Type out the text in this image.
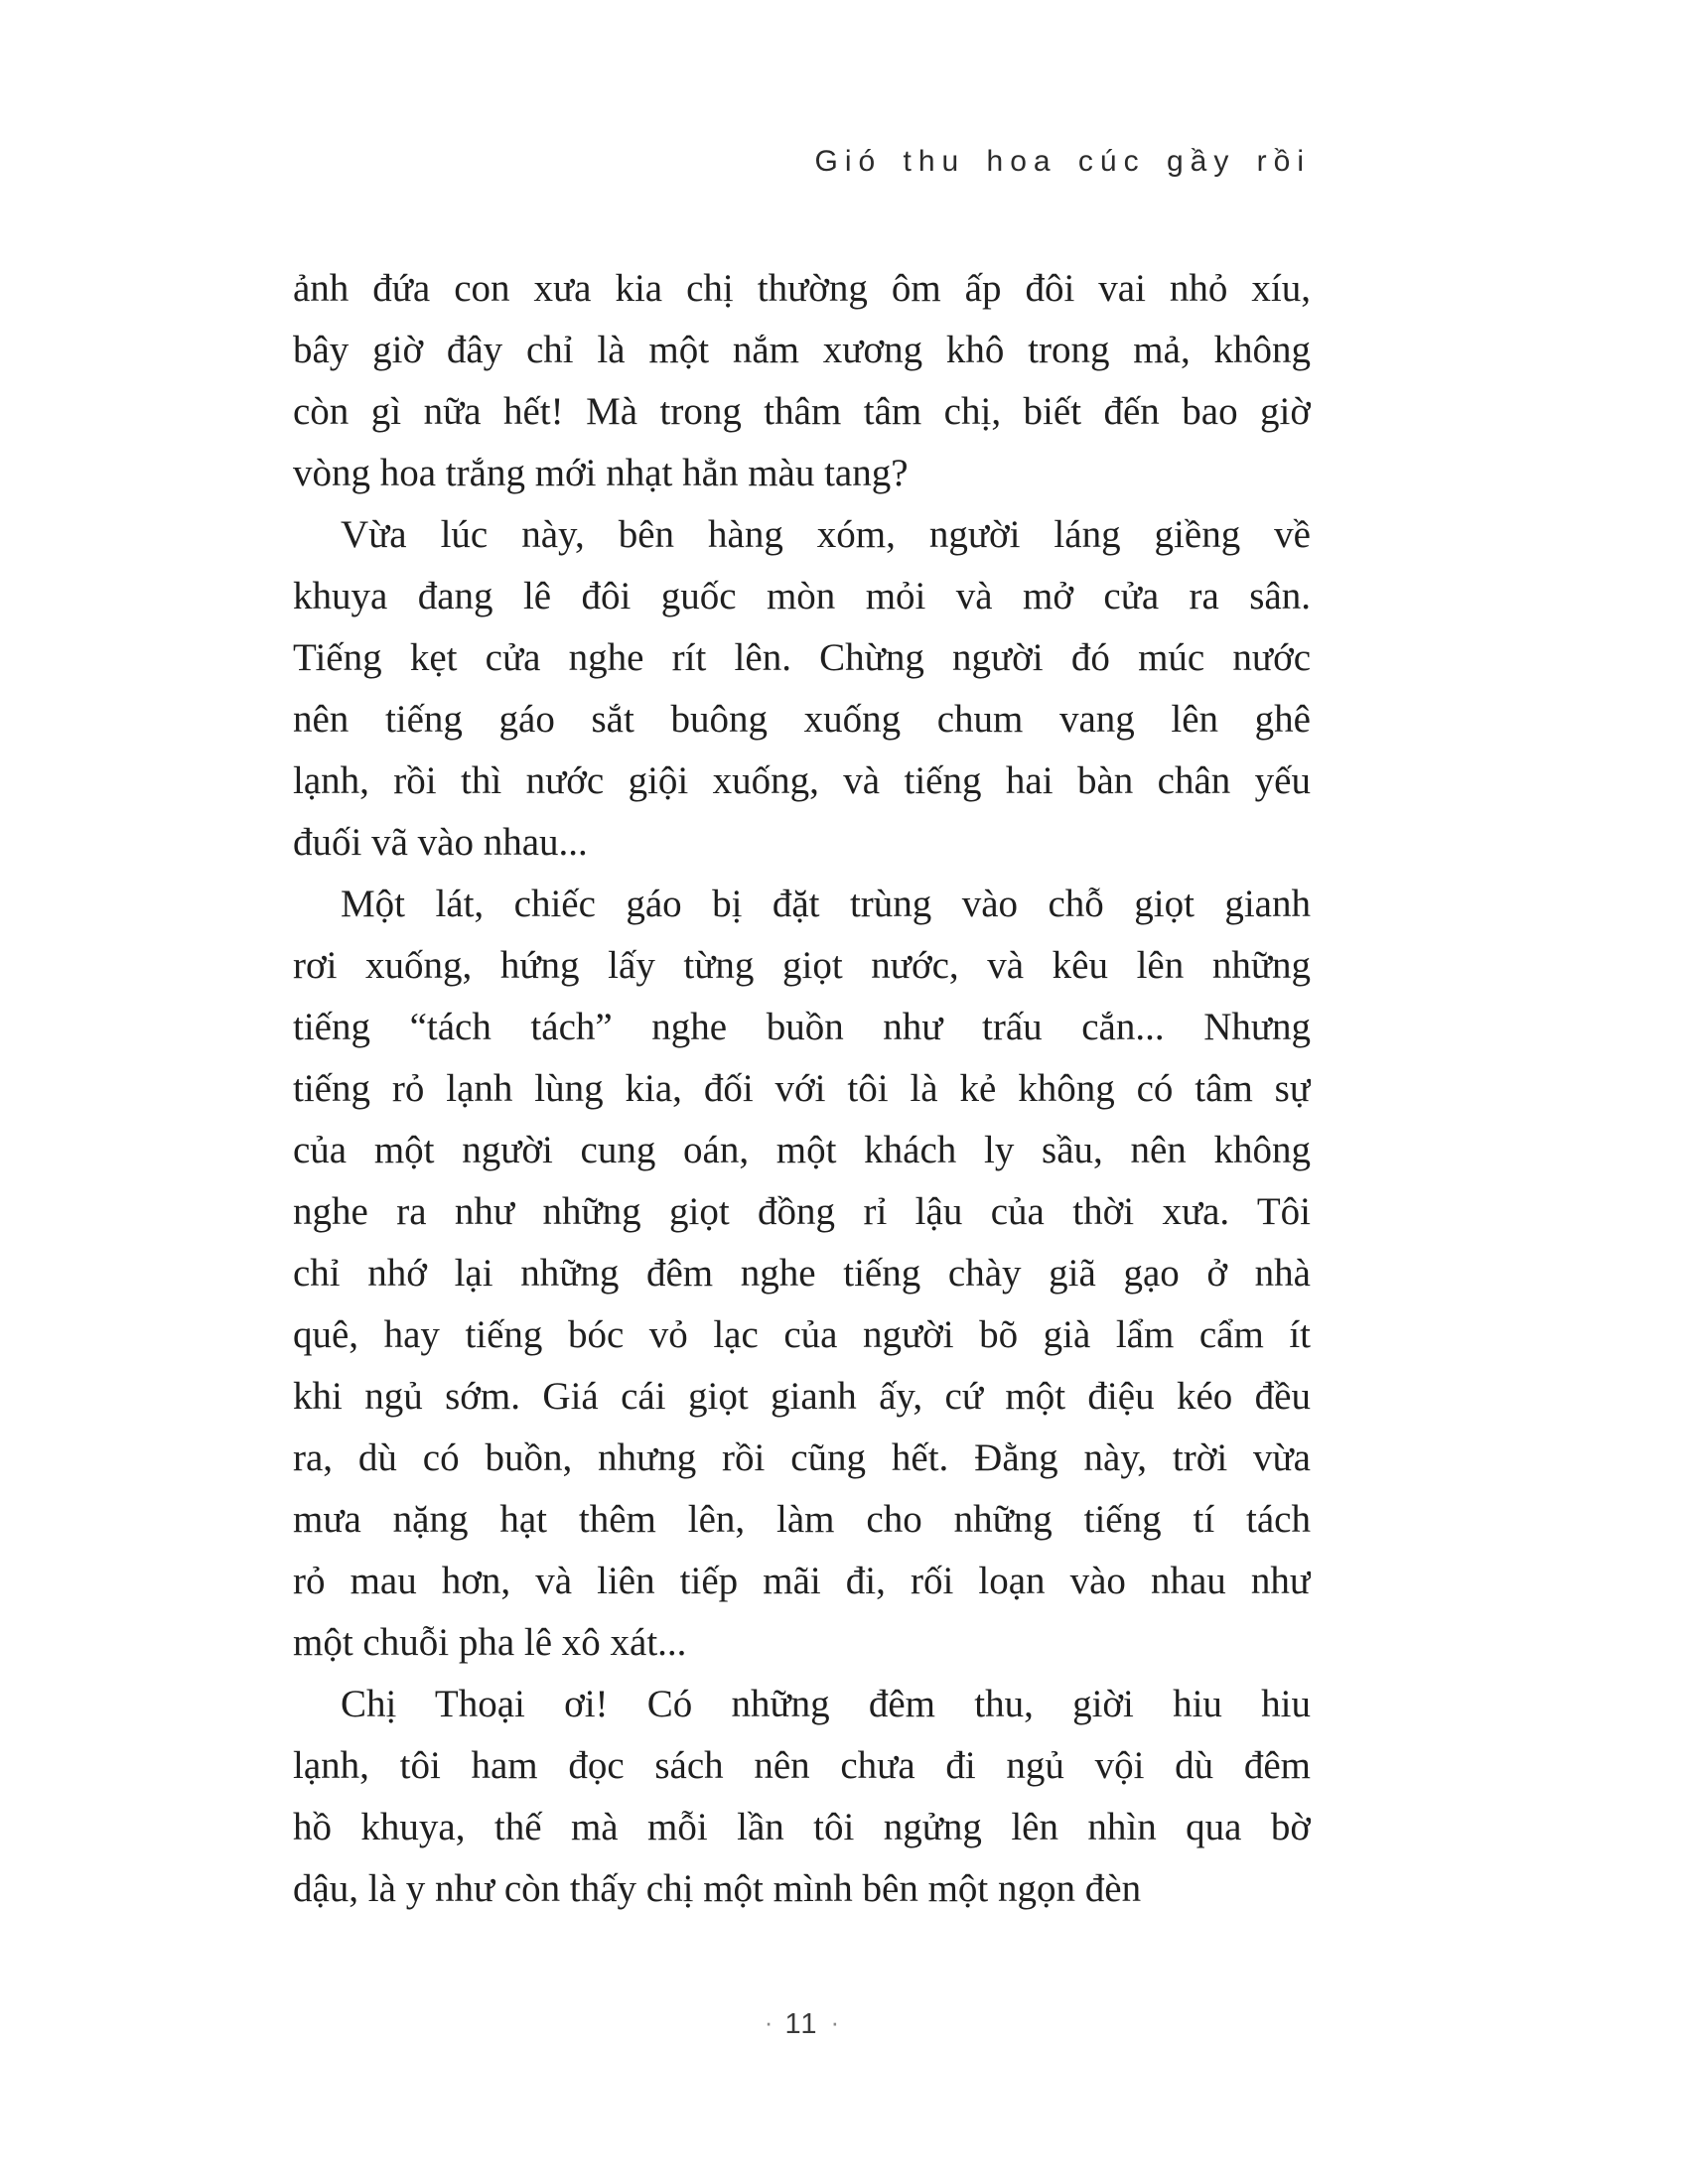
Gió thu hoa cúc gầy rồi
ảnh đứa con xưa kia chị thường ôm ấp đôi vai nhỏ xíu,
bây giờ đây chỉ là một nắm xương khô trong mả, không
còn gì nữa hết! Mà trong thâm tâm chị, biết đến bao giờ
vòng hoa trắng mới nhạt hẳn màu tang?
Vừa lúc này, bên hàng xóm, người láng giềng về
khuya đang lê đôi guốc mòn mỏi và mở cửa ra sân.
Tiếng kẹt cửa nghe rít lên. Chừng người đó múc nước
nên tiếng gáo sắt buông xuống chum vang lên ghê
lạnh, rồi thì nước giội xuống, và tiếng hai bàn chân yếu
đuối vã vào nhau...
Một lát, chiếc gáo bị đặt trùng vào chỗ giọt gianh
rơi xuống, hứng lấy từng giọt nước, và kêu lên những
tiếng “tách tách” nghe buồn như trấu cắn... Nhưng
tiếng rỏ lạnh lùng kia, đối với tôi là kẻ không có tâm sự
của một người cung oán, một khách ly sầu, nên không
nghe ra như những giọt đồng rỉ lậu của thời xưa. Tôi
chỉ nhớ lại những đêm nghe tiếng chày giã gạo ở nhà
quê, hay tiếng bóc vỏ lạc của người bõ già lẩm cẩm ít
khi ngủ sớm. Giá cái giọt gianh ấy, cứ một điệu kéo đều
ra, dù có buồn, nhưng rồi cũng hết. Đằng này, trời vừa
mưa nặng hạt thêm lên, làm cho những tiếng tí tách
rỏ mau hơn, và liên tiếp mãi đi, rối loạn vào nhau như
một chuỗi pha lê xô xát...
Chị Thoại ơi! Có những đêm thu, giời hiu hiu
lạnh, tôi ham đọc sách nên chưa đi ngủ vội dù đêm
hồ khuya, thế mà mỗi lần tôi ngửng lên nhìn qua bờ
dậu, là y như còn thấy chị một mình bên một ngọn đèn
· 11 ·
